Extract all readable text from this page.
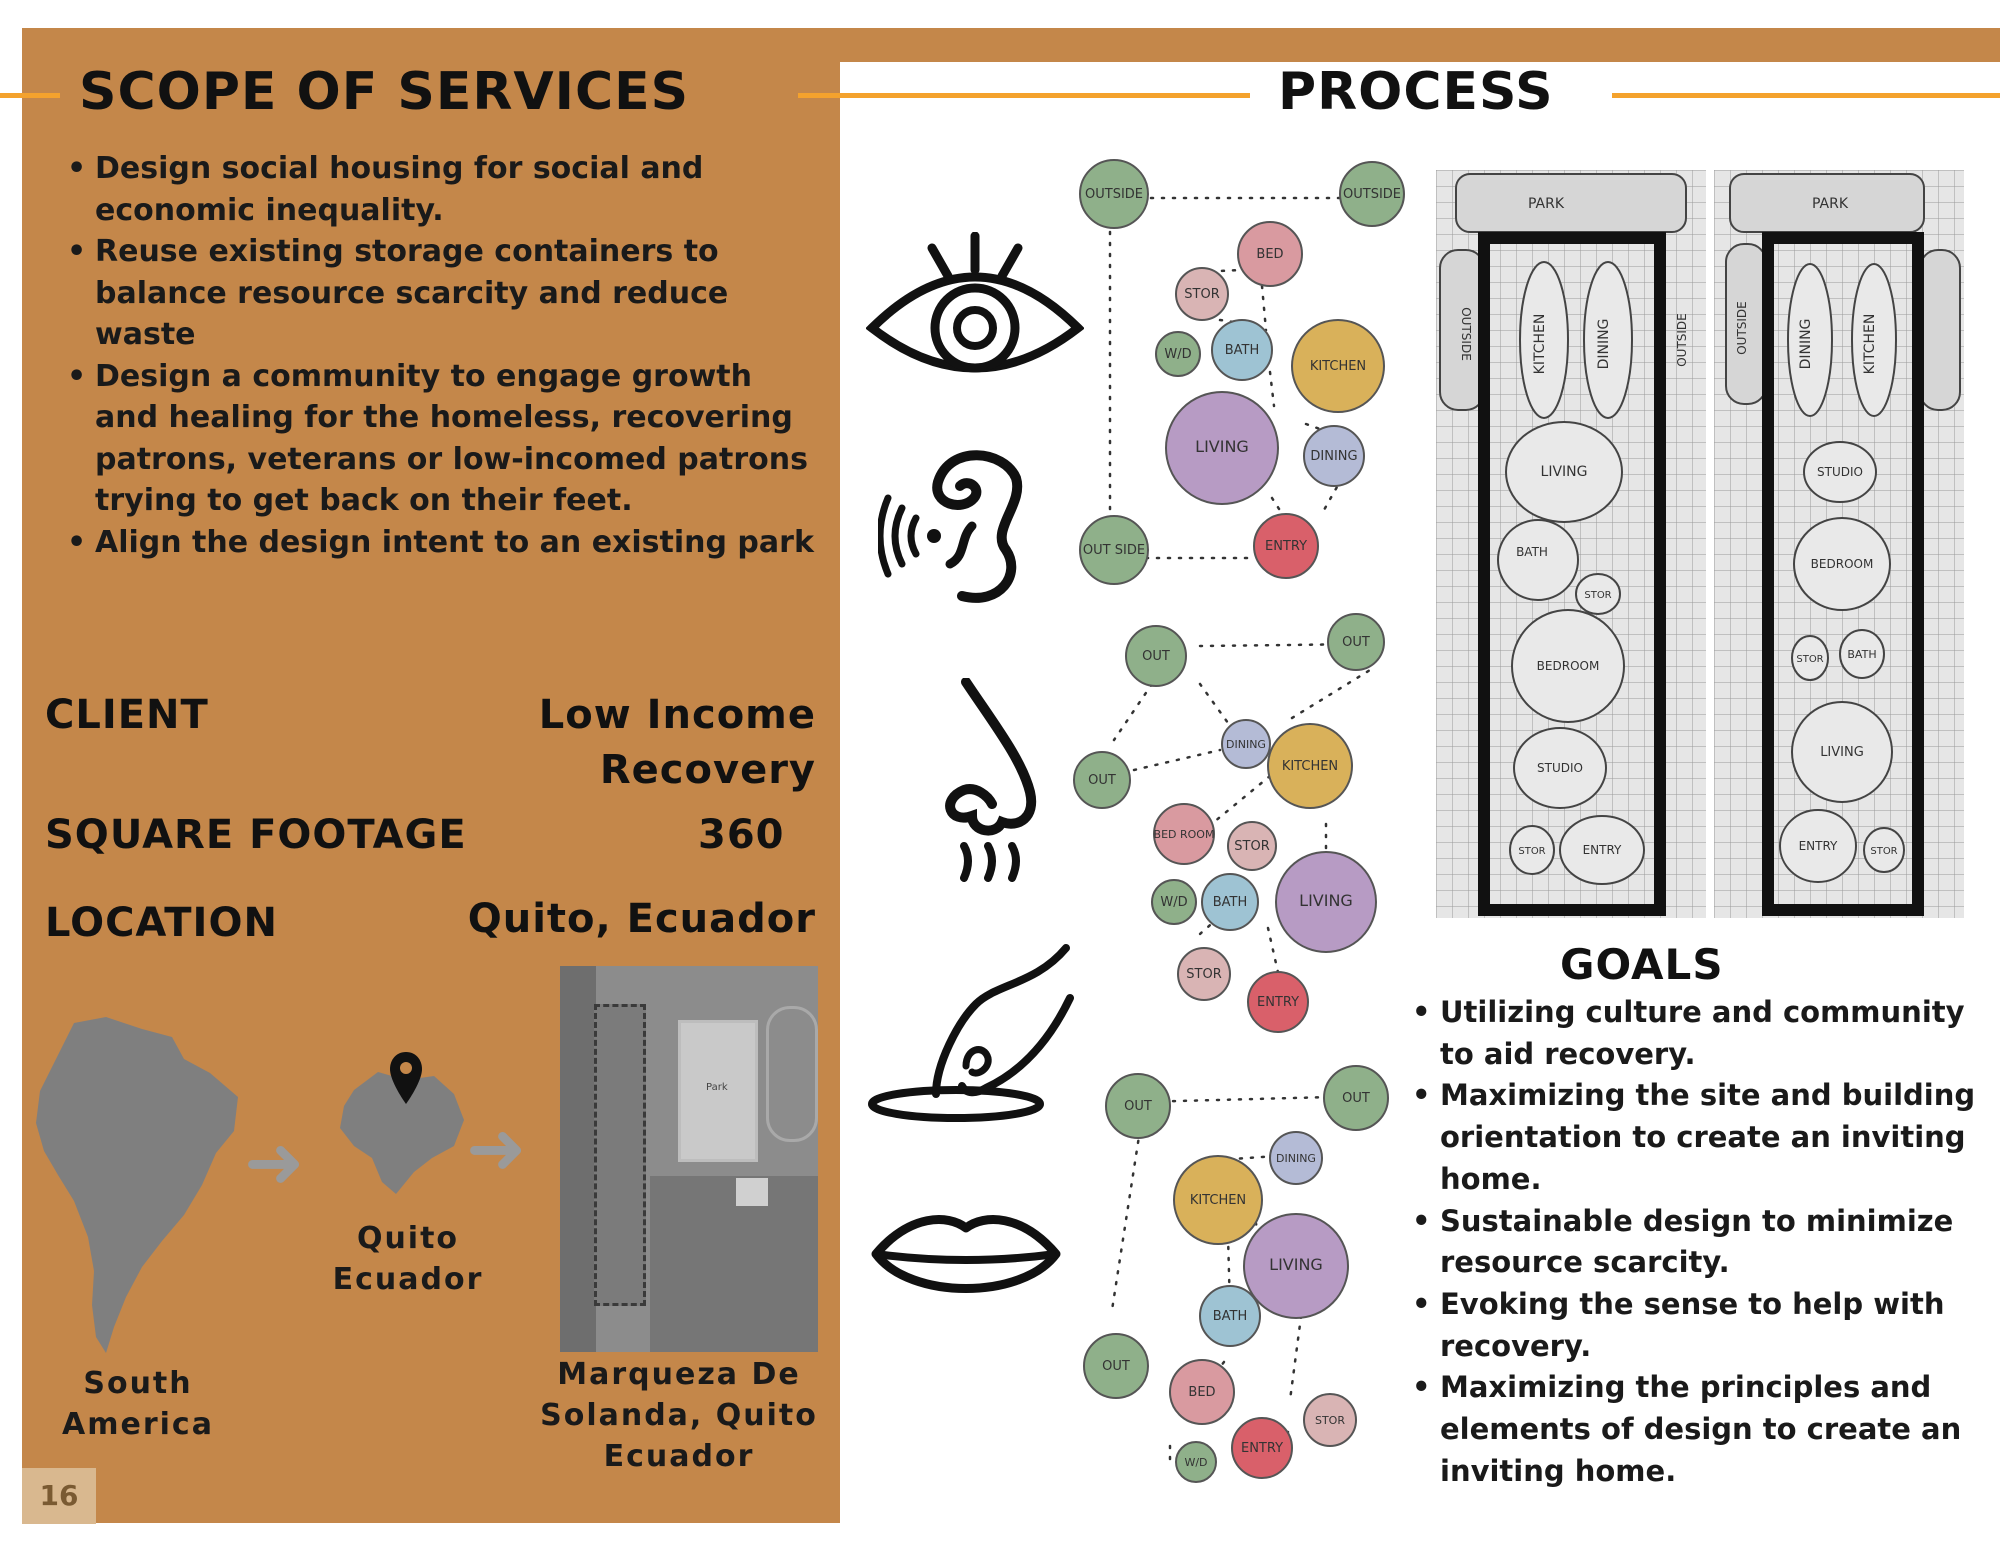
SCOPE OF SERVICES	PROCESS
• Design social housing for social and economic inequality.
• Reuse existing storage containers to balance resource scarcity and reduce waste
• Design a community to engage growth and healing for the homeless, recovering patrons, veterans or low-incomed patrons trying to get back on their feet.
• Align the design intent to an existing park
CLIENT	Low Income
Recovery
SQUARE FOOTAGE	360
LOCATION	Quito, Ecuador
➜ ➜
Park
South
America
Quito
Ecuador
Marqueza De
Solanda, Quito
Ecuador
16
OUTSIDE	OUTSIDE
BED
STOR
W/D	BATH
KITCHEN
LIVING
DINING
OUT SIDE	ENTRY
OUT
OUT
OUT
DINING
KITCHEN
BED ROOM
STOR
W/D BATH	LIVING
STOR
ENTRY
OUT
OUT
KITCHEN
DINING
LIVING
BATH
OUT
BED
W/D
ENTRY
STOR
PARK
OUTSIDE	KITCHEN	DINING	OUTSIDE
LIVING
BATH
STOR
BEDROOM
STUDIO
STOR	ENTRY
PARK
DINING	KITCHEN
OUTSIDE
STUDIO
BEDROOM
STOR BATH
LIVING
ENTRY	STOR
GOALS
• Utilizing culture and community to aid recovery.
• Maximizing the site and building orientation to create an inviting home.
• Sustainable design to minimize resource scarcity.
• Evoking the sense to help with recovery.
• Maximizing the principles and elements of design to create an inviting home.
